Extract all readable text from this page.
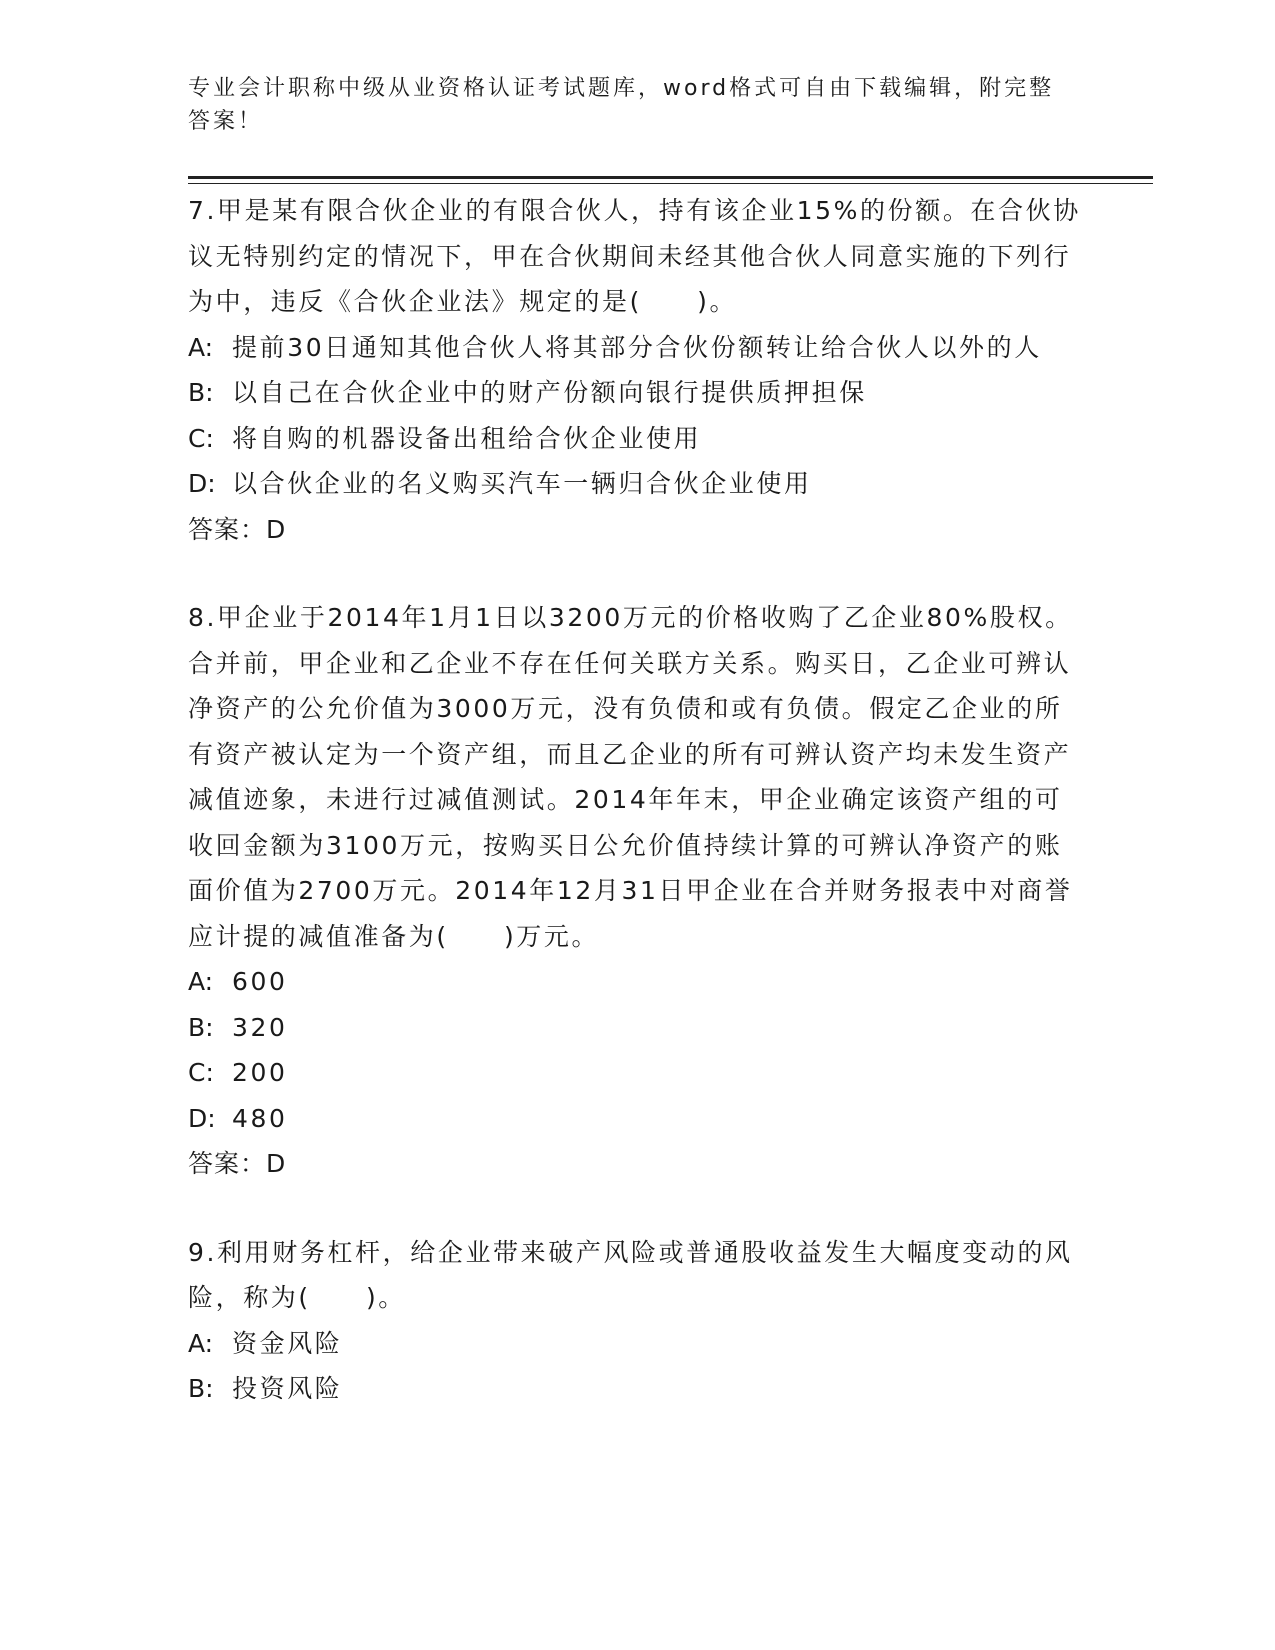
专业会计职称中级从业资格认证考试题库，word格式可自由下载编辑，附完整答案！

7.甲是某有限合伙企业的有限合伙人，持有该企业15%的份额。在合伙协议无特别约定的情况下，甲在合伙期间未经其他合伙人同意实施的下列行为中，违反《合伙企业法》规定的是(　　)。

A: 提前30日通知其他合伙人将其部分合伙份额转让给合伙人以外的人

B: 以自己在合伙企业中的财产份额向银行提供质押担保

C: 将自购的机器设备出租给合伙企业使用

D: 以合伙企业的名义购买汽车一辆归合伙企业使用

答案：D

8.甲企业于2014年1月1日以3200万元的价格收购了乙企业80%股权。合并前，甲企业和乙企业不存在任何关联方关系。购买日，乙企业可辨认净资产的公允价值为3000万元，没有负债和或有负债。假定乙企业的所有资产被认定为一个资产组，而且乙企业的所有可辨认资产均未发生资产减值迹象，未进行过减值测试。2014年年末，甲企业确定该资产组的可收回金额为3100万元，按购买日公允价值持续计算的可辨认净资产的账面价值为2700万元。2014年12月31日甲企业在合并财务报表中对商誉应计提的减值准备为(　　)万元。

A: 600

B: 320

C: 200

D: 480

答案：D

9.利用财务杠杆，给企业带来破产风险或普通股收益发生大幅度变动的风险，称为(　　)。

A: 资金风险

B: 投资风险
